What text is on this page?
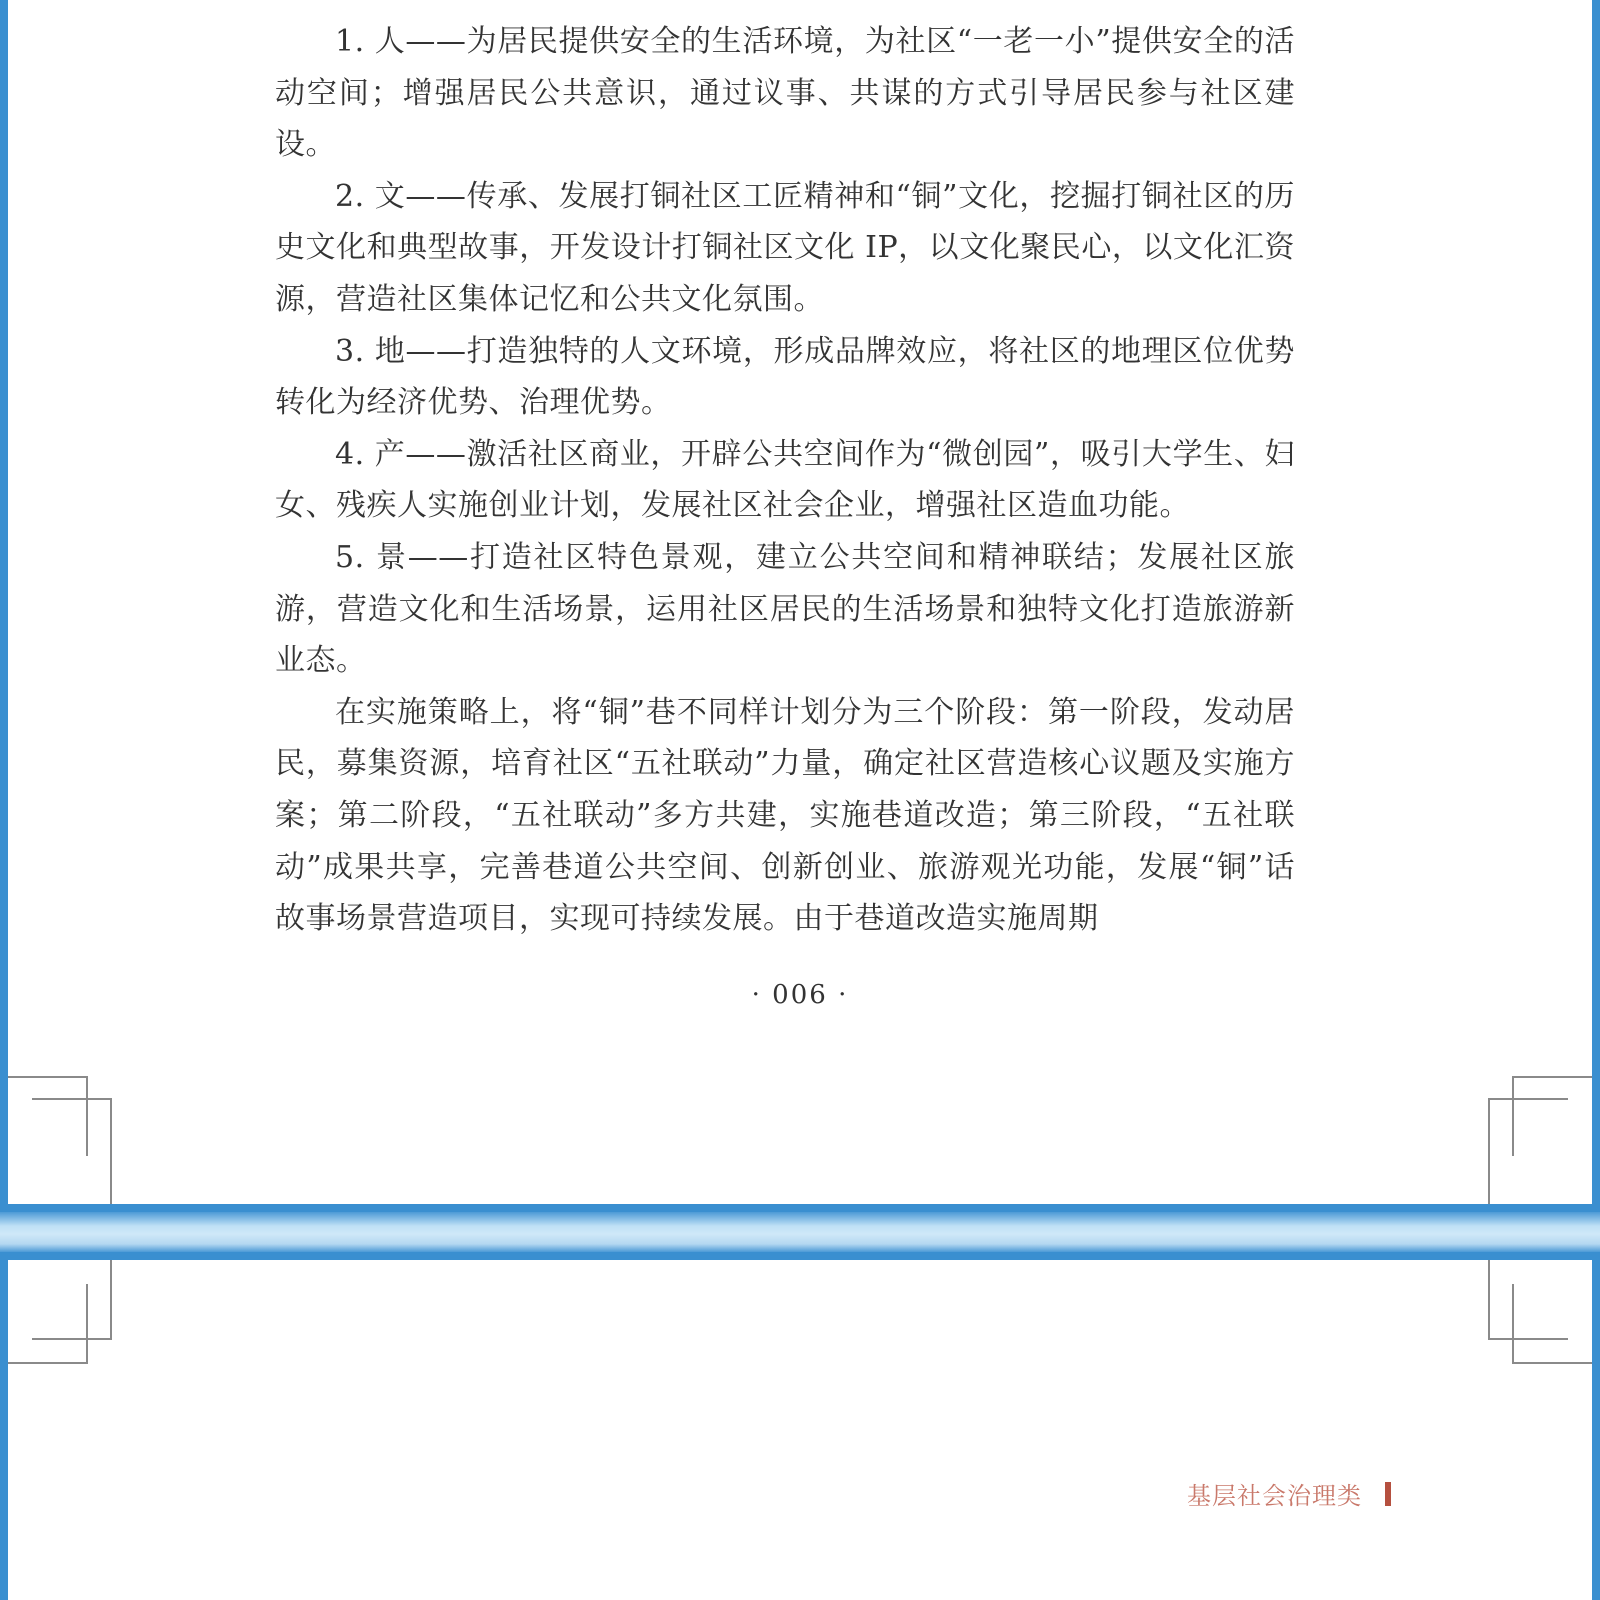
1. 人——为居民提供安全的生活环境，为社区“一老一小”提供安全的活动空间；增强居民公共意识，通过议事、共谋的方式引导居民参与社区建设。

2. 文——传承、发展打铜社区工匠精神和“铜”文化，挖掘打铜社区的历史文化和典型故事，开发设计打铜社区文化 IP，以文化聚民心，以文化汇资源，营造社区集体记忆和公共文化氛围。

3. 地——打造独特的人文环境，形成品牌效应，将社区的地理区位优势转化为经济优势、治理优势。

4. 产——激活社区商业，开辟公共空间作为“微创园”，吸引大学生、妇女、残疾人实施创业计划，发展社区社会企业，增强社区造血功能。

5. 景——打造社区特色景观，建立公共空间和精神联结；发展社区旅游，营造文化和生活场景，运用社区居民的生活场景和独特文化打造旅游新业态。

在实施策略上，将“铜”巷不同样计划分为三个阶段：第一阶段，发动居民，募集资源，培育社区“五社联动”力量，确定社区营造核心议题及实施方案；第二阶段，“五社联动”多方共建，实施巷道改造；第三阶段，“五社联动”成果共享，完善巷道公共空间、创新创业、旅游观光功能，发展“铜”话故事场景营造项目，实现可持续发展。由于巷道改造实施周期

· 006 ·
基层社会治理类
